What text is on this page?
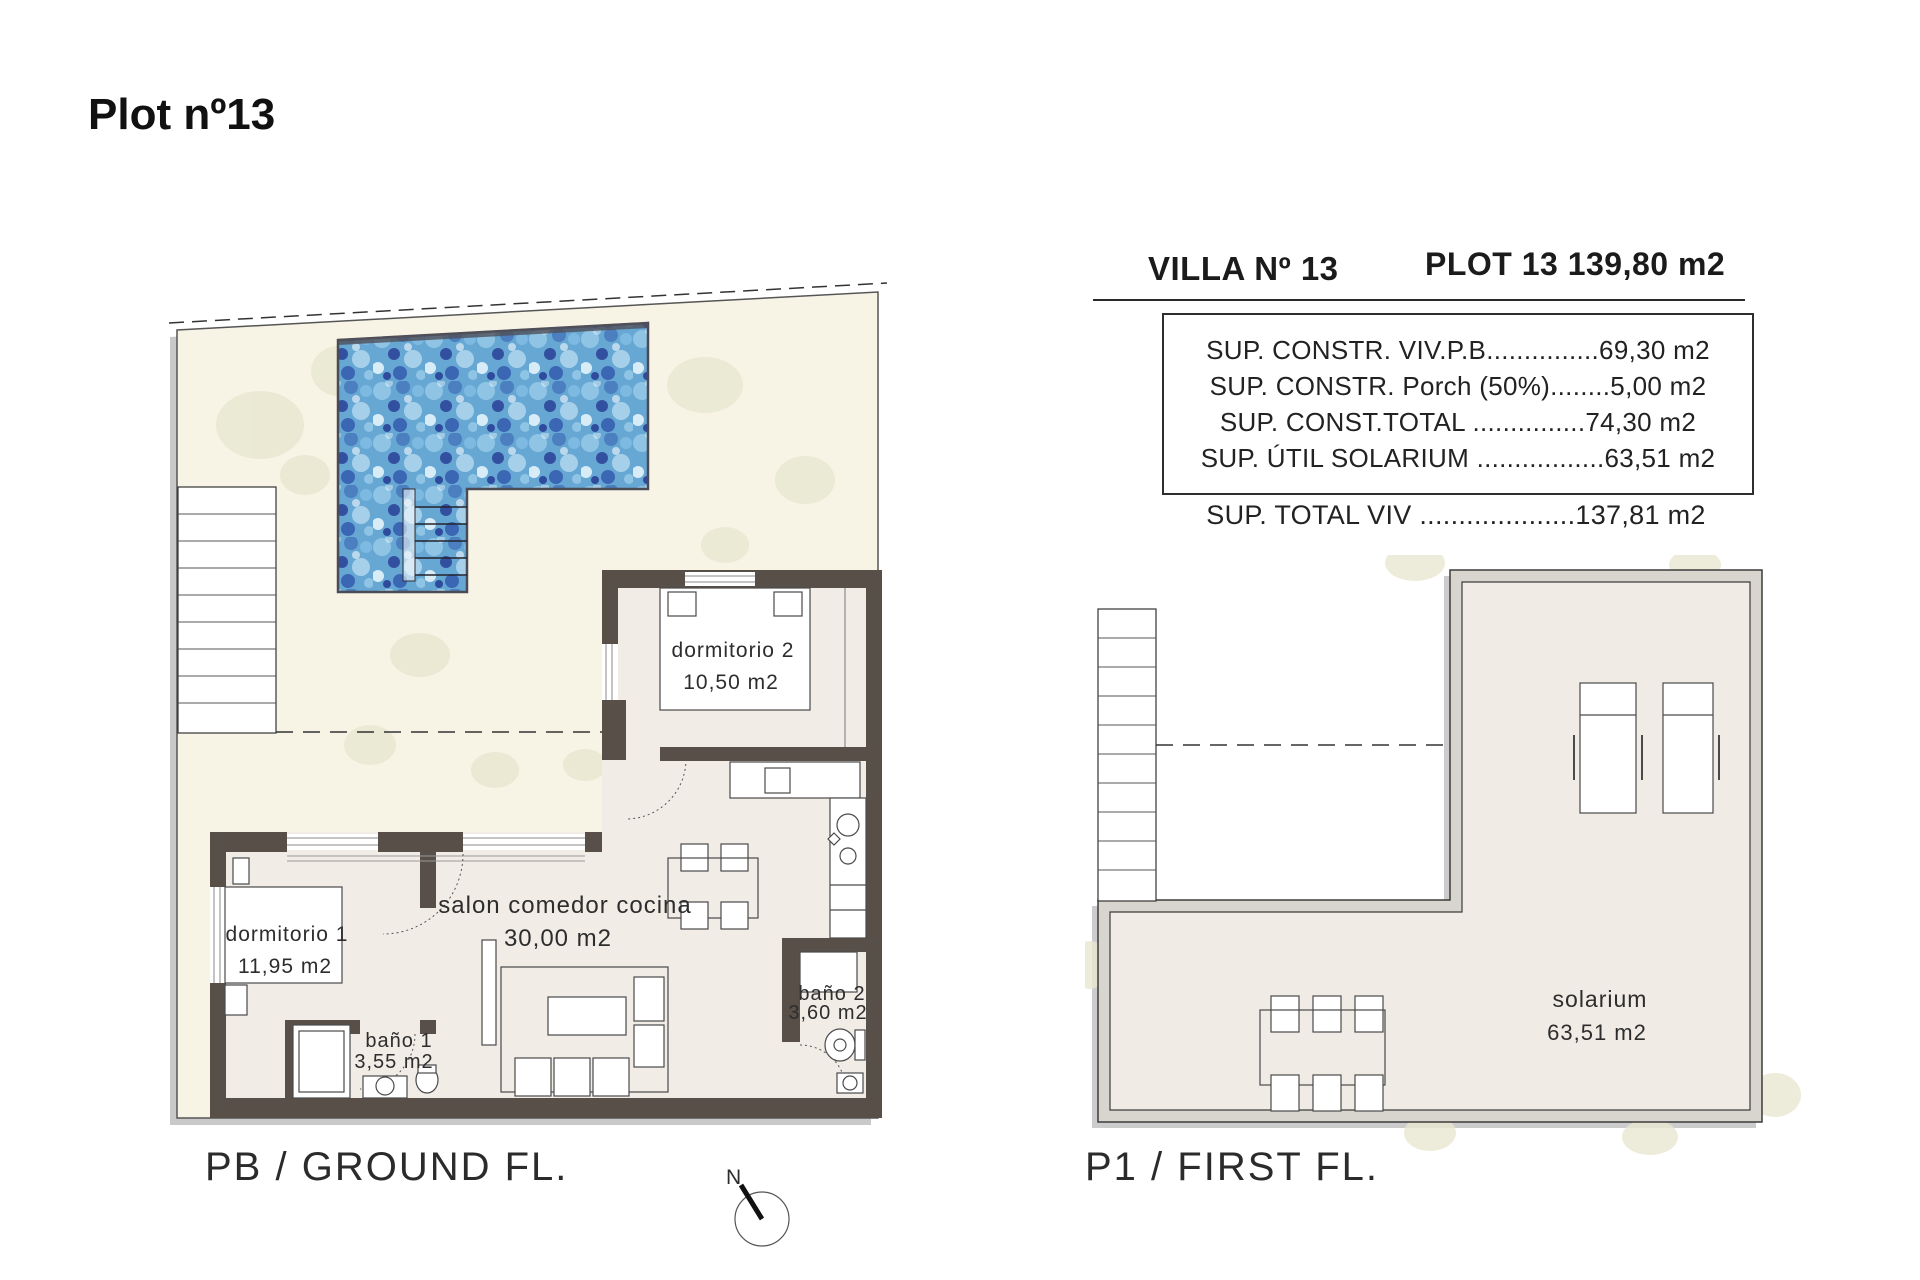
Plot nº13
VILLA Nº 13	PLOT 13 139,80 m2
SUP. CONSTR. VIV.P.B...............69,30 m2
SUP. CONSTR. Porch (50%)........5,00 m2
SUP. CONST.TOTAL ...............74,30 m2
SUP. ÚTIL SOLARIUM .................63,51 m2
SUP. TOTAL VIV ....................137,81 m2
dormitorio 2
10,50 m2
dormitorio 1
11,95 m2
salon comedor cocina
30,00 m2
baño 1
3,55 m2
baño 2
3,60 m2
PB / GROUND FL.	N
solarium
63,51 m2
P1 / FIRST FL.
